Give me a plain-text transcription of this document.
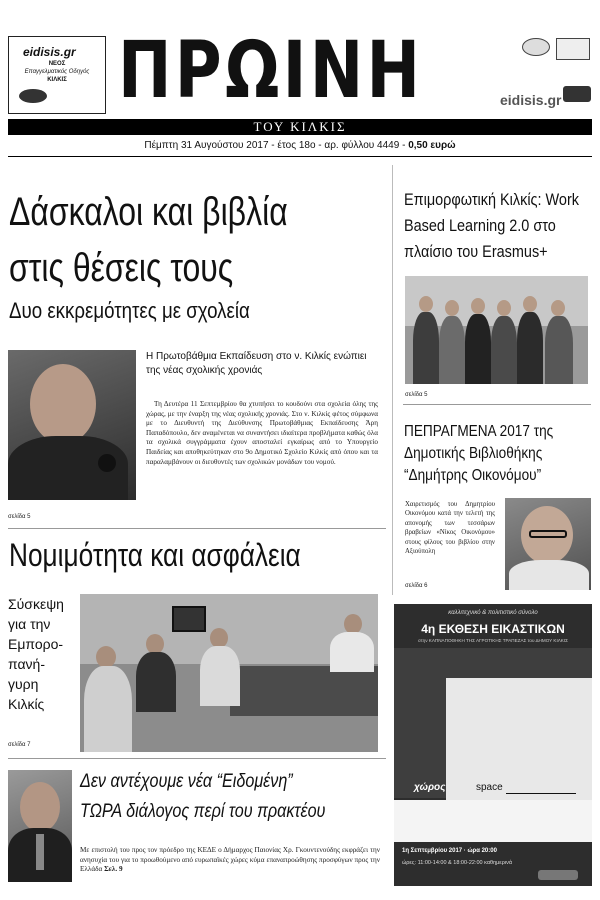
eidisis.gr
ΝΕΟΣ
Επαγγελματικός Οδηγός
ΚΙΛΚΙΣ ΠΡΩΙΝΗ	eidisis.gr
ΤΟΥ ΚΙΛΚΙΣ
Πέμπτη 31 Αυγούστου 2017 - έτος 18ο - αρ. φύλλου 4449 - 0,50 ευρώ
Δάσκαλοι και βιβλία
στις θέσεις τους
Δυο εκκρεμότητες με σχολεία
σελίδα 5
Η Πρωτοβάθμια Εκπαίδευση στο ν. Κιλκίς ενώπιει της νέας σχολικής χρονιάς
Τη Δευτέρα 11 Σεπτεμβρίου θα χτυπήσει το κουδούνι στα σχολεία όλης της χώρας, με την έναρξη της νέας σχολικής χρονιάς. Στο ν. Κιλκίς φέτος σύμφωνα με το Διευθυντή της Διεύθυνσης Πρωτοβάθμιας Εκπαίδευσης Άρη Παπαδόπουλο, δεν αναμένεται να συναντήσει ιδιαίτερα προβλήματα καθώς όλα τα σχολικά συγγράμματα έχουν αποσταλεί εγκαίρως από το Υπουργείο Παιδείας και αποθηκεύτηκαν στο 9ο Δημοτικό Σχολείο Κιλκίς από όπου και τα παραλαμβάνουν οι διευθυντές των σχολικών μονάδων του νομού.
Επιμορφωτική Κιλκίς: Work
Based Learning 2.0 στο
πλαίσιο του Erasmus+
σελίδα 5
ΠΕΠΡΑΓΜΕΝΑ 2017 της
Δημοτικής Βιβλιοθήκης
“Δημήτρης Οικονόμου”
Χαιρετισμός του Δημητρίου Οικονόμου κατά την τελετή της απονομής των τεσσάρων βραβείων «Νίκος Οικονόμου» στους φίλους του βιβλίου στην Αξιούπολη
σελίδα 6
Νομιμότητα και ασφάλεια
Σύσκεψη
για την
Εμπορο-
πανή-
γυρη
Κιλκίς
σελίδα 7
Δεν αντέχουμε νέα “Ειδομένη”
ΤΩΡΑ διάλογος περί του πρακτέου
Με επιστολή του προς τον πρόεδρο της ΚΕΔΕ ο Δήμαρχος Παιονίας Χρ. Γκουντενούδης εκφράζει την ανησυχία του για το προωθούμενο από ευρωπαϊκές χώρες κύμα επαναπροώθησης προσφύγων προς την Ελλάδα Σελ. 9
καλλιτεχνικό & πολιτιστικό σύνολο
4η ΕΚΘΕΣΗ ΕΙΚΑΣΤΙΚΩΝ
στην ΚΑΠΝΑΠΟΘΗΚΗ ΤΗΣ ΑΓΡΟΤΙΚΗΣ ΤΡΑΠΕΖΑΣ του ΔΗΜΟΥ ΚΙΛΚΙΣ
χώρος	space
1η Σεπτεμβρίου 2017 · ώρα 20:00
ώρες: 11:00-14:00 & 18:00-22:00 καθημερινά
